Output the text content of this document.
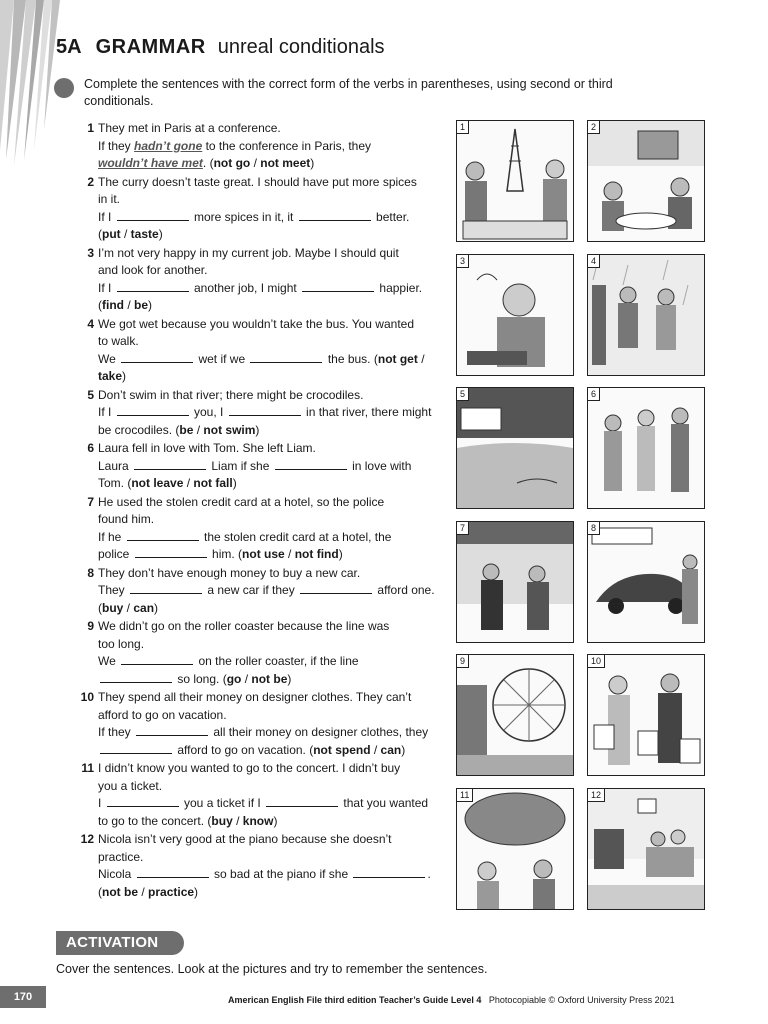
5A GRAMMAR unreal conditionals
Complete the sentences with the correct form of the verbs in parentheses, using second or third conditionals.
1 They met in Paris at a conference.
If they hadn’t gone to the conference in Paris, they
wouldn’t have met. (not go / not meet)
2 The curry doesn’t taste great. I should have put more spices
in it.
If I	more spices in it, it	better.
(put / taste)
3 I’m not very happy in my current job. Maybe I should quit
and look for another.
If I	another job, I might	happier.
(find / be)
4 We got wet because you wouldn’t take the bus. You wanted
to walk.
We	wet if we	the bus. (not get /
take)
5 Don’t swim in that river; there might be crocodiles.
If I	you, I	in that river, there might
be crocodiles. (be / not swim)
6 Laura fell in love with Tom. She left Liam.
Laura	Liam if she	in love with
Tom. (not leave / not fall)
7 He used the stolen credit card at a hotel, so the police
found him.
If he	the stolen credit card at a hotel, the
police	him. (not use / not find)
8 They don’t have enough money to buy a new car.
They	a new car if they	afford one.
(buy / can)
9 We didn’t go on the roller coaster because the line was
too long.
We	on the roller coaster, if the line
so long. (go / not be)
10 They spend all their money on designer clothes. They can’t
afford to go on vacation.
If they	all their money on designer clothes, they
afford to go on vacation. (not spend / can)
11 I didn’t know you wanted to go to the concert. I didn’t buy
you a ticket.
I	you a ticket if I	that you wanted
to go to the concert. (buy / know)
12 Nicola isn’t very good at the piano because she doesn’t
practice.
Nicola	so bad at the piano if she	.
(not be / practice)
1	2
3	4
5	6
7	8
9	10
11	12
ACTIVATION
Cover the sentences. Look at the pictures and try to remember the sentences.
170	American English File third edition Teacher’s Guide Level 4 Photocopiable © Oxford University Press 2021
